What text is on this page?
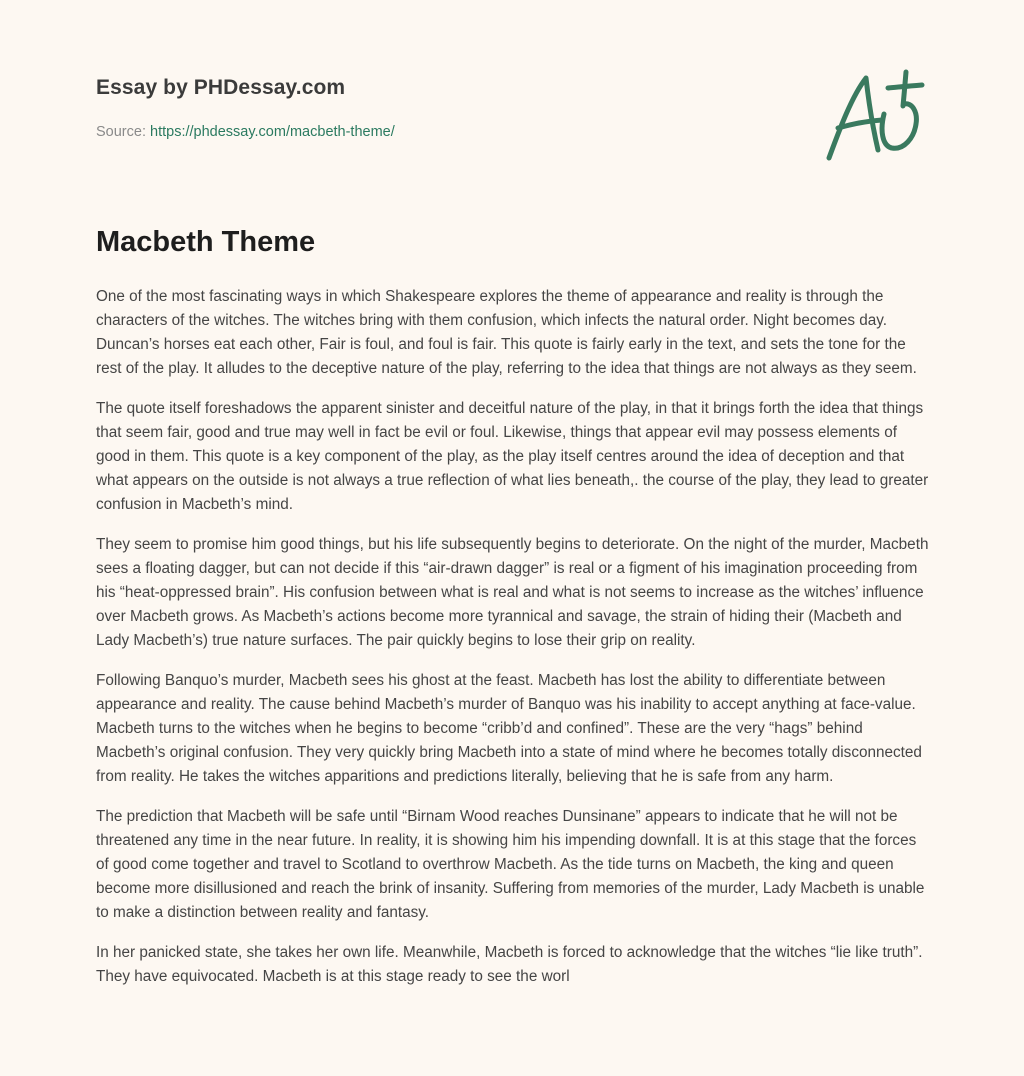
Essay by PHDessay.com
Source: https://phdessay.com/macbeth-theme/
Macbeth Theme

One of the most fascinating ways in which Shakespeare explores the theme of appearance and reality is through the characters of the witches. The witches bring with them confusion, which infects the natural order. Night becomes day. Duncan’s horses eat each other, Fair is foul, and foul is fair. This quote is fairly early in the text, and sets the tone for the rest of the play. It alludes to the deceptive nature of the play, referring to the idea that things are not always as they seem.

The quote itself foreshadows the apparent sinister and deceitful nature of the play, in that it brings forth the idea that things that seem fair, good and true may well in fact be evil or foul. Likewise, things that appear evil may possess elements of good in them. This quote is a key component of the play, as the play itself centres around the idea of deception and that what appears on the outside is not always a true reflection of what lies beneath,. the course of the play, they lead to greater confusion in Macbeth’s mind.

They seem to promise him good things, but his life subsequently begins to deteriorate. On the night of the murder, Macbeth sees a floating dagger, but can not decide if this “air-drawn dagger” is real or a figment of his imagination proceeding from his “heat-oppressed brain”. His confusion between what is real and what is not seems to increase as the witches’ influence over Macbeth grows. As Macbeth’s actions become more tyrannical and savage, the strain of hiding their (Macbeth and Lady Macbeth’s) true nature surfaces. The pair quickly begins to lose their grip on reality.

Following Banquo’s murder, Macbeth sees his ghost at the feast. Macbeth has lost the ability to differentiate between appearance and reality. The cause behind Macbeth’s murder of Banquo was his inability to accept anything at face-value. Macbeth turns to the witches when he begins to become “cribb’d and confined”. These are the very “hags” behind Macbeth’s original confusion. They very quickly bring Macbeth into a state of mind where he becomes totally disconnected from reality. He takes the witches apparitions and predictions literally, believing that he is safe from any harm.

The prediction that Macbeth will be safe until “Birnam Wood reaches Dunsinane” appears to indicate that he will not be threatened any time in the near future. In reality, it is showing him his impending downfall. It is at this stage that the forces of good come together and travel to Scotland to overthrow Macbeth. As the tide turns on Macbeth, the king and queen become more disillusioned and reach the brink of insanity. Suffering from memories of the murder, Lady Macbeth is unable to make a distinction between reality and fantasy.

In her panicked state, she takes her own life. Meanwhile, Macbeth is forced to acknowledge that the witches “lie like truth”. They have equivocated. Macbeth is at this stage ready to see the worl
